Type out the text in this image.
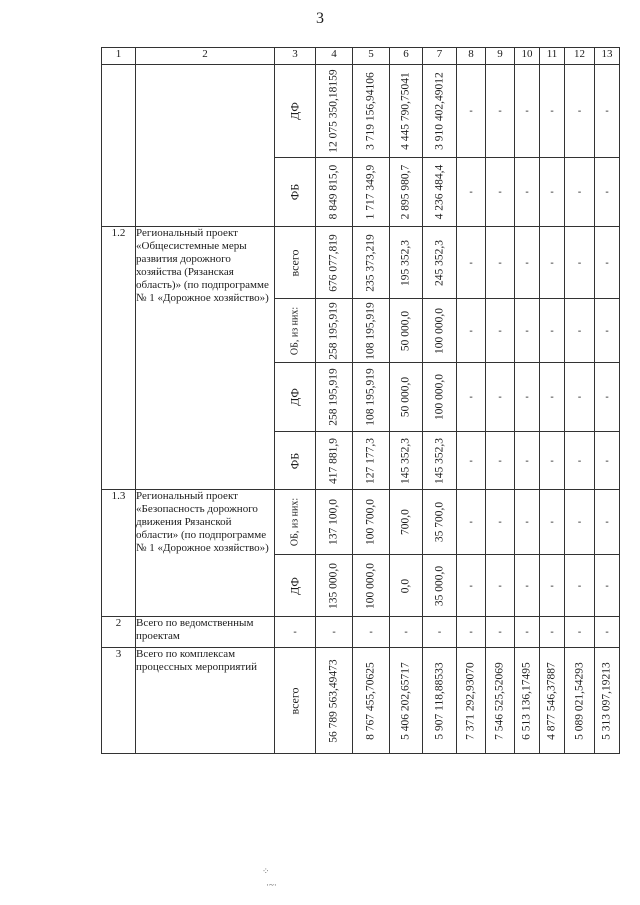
3
1	2	3	4	5	6	7	8	9	10	11	12	13

		ДФ	12 075 350,18159	3 719 156,94106	4 445 790,75041	3 910 402,49012	-	-	-	-	-	-

		ФБ	8 849 815,0	1 717 349,9	2 895 980,7	4 236 484,4	-	-	-	-	-	-

1.2	Региональный проект «Общесистемные меры развития дорожного хозяйства (Рязанская область)» (по подпрограмме № 1 «Дорожное хозяйство»)	всего	676 077,819	235 373,219	195 352,3	245 352,3	-	-	-	-	-	-

		ОБ, из них:	258 195,919	108 195,919	50 000,0	100 000,0	-	-	-	-	-	-

		ДФ	258 195,919	108 195,919	50 000,0	100 000,0	-	-	-	-	-	-

		ФБ	417 881,9	127 177,3	145 352,3	145 352,3	-	-	-	-	-	-

1.3	Региональный проект «Безопасность дорожного движения Рязанской области» (по подпрограмме № 1 «Дорожное хозяйство»)	ОБ, из них:	137 100,0	100 700,0	700,0	35 700,0	-	-	-	-	-	-

		ДФ	135 000,0	100 000,0	0,0	35 000,0	-	-	-	-	-	-

2	Всего по ведомственным проектам	-	-	-	-	-	-	-	-	-	-	-

3	Всего по комплексам процессных мероприятий	всего	56 789 563,49473	8 767 455,70625	5 406 202,65717	5 907 118,88533	7 371 292,93070	7 546 525,52069	6 513 136,17495	4 877 546,37887	5 089 021,54293	5 313 097,19213
⁘
·~·
